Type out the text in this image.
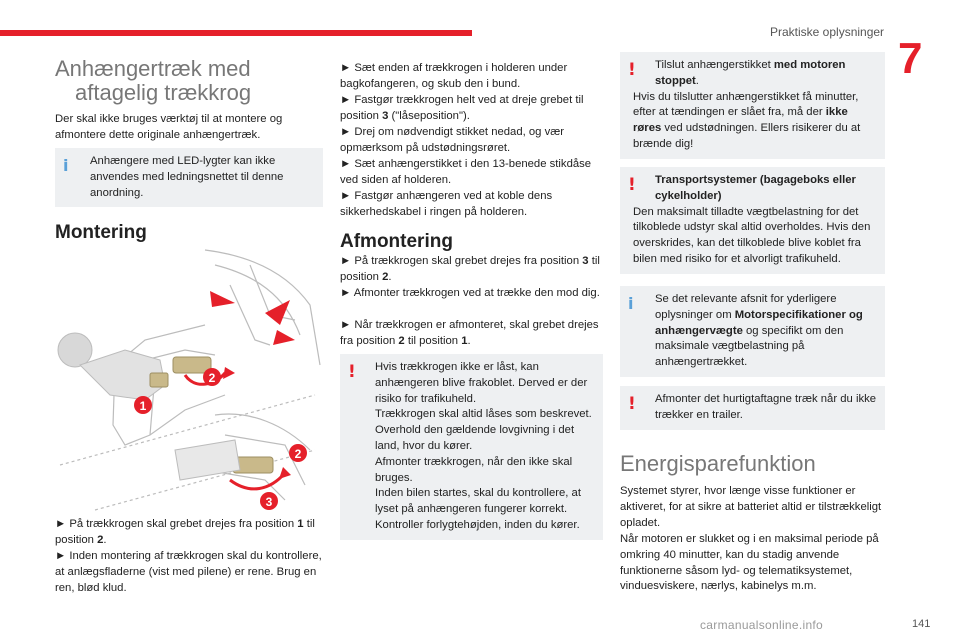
Praktiske oplysninger
7
Anhængertræk med
aftagelig trækkrog

Der skal ikke bruges værktøj til at montere og afmontere dette originale anhængertræk.

i	Anhængere med LED-lygter kan ikke anvendes med ledningsnettet til denne anordning.

Montering
2
1
2
3

► På trækkrogen skal grebet drejes fra position 1 til position 2.

► Inden montering af trækkrogen skal du kontrollere, at anlægsfladerne (vist med pilene) er rene. Brug en ren, blød klud.

► Sæt enden af trækkrogen i holderen under bagkofangeren, og skub den i bund.

► Fastgør trækkrogen helt ved at dreje grebet til position 3 ("låseposition").

► Drej om nødvendigt stikket nedad, og vær opmærksom på udstødningsrøret.

► Sæt anhængerstikket i den 13-benede stikdåse ved siden af holderen.

► Fastgør anhængeren ved at koble dens sikkerhedskabel i ringen på holderen.

Afmontering

► På trækkrogen skal grebet drejes fra position 3 til position 2.

► Afmonter trækkrogen ved at trække den mod dig.

► Når trækkrogen er afmonteret, skal grebet drejes fra position 2 til position 1.

!	Hvis trækkrogen ikke er låst, kan anhængeren blive frakoblet. Derved er der risiko for trafikuheld.
Trækkrogen skal altid låses som beskrevet. Overhold den gældende lovgivning i det land, hvor du kører.
Afmonter trækkrogen, når den ikke skal bruges.
Inden bilen startes, skal du kontrollere, at lyset på anhængeren fungerer korrekt.
Kontroller forlygtehøjden, inden du kører.

!	Tilslut anhængerstikket med motoren stoppet.

Hvis du tilslutter anhængerstikket få minutter, efter at tændingen er slået fra, må der ikke røres ved udstødningen. Ellers risikerer du at brænde dig!

!	Transportsystemer (bagageboks eller cykelholder)

Den maksimalt tilladte vægtbelastning for det tilkoblede udstyr skal altid overholdes. Hvis den overskrides, kan det tilkoblede blive koblet fra bilen med risiko for et alvorligt trafikuheld.

i	Se det relevante afsnit for yderligere oplysninger om Motorspecifikationer og anhængervægte og specifikt om den maksimale vægtbelastning på anhængertrækket.

!	Afmonter det hurtigtaftagne træk når du ikke trækker en trailer.

Energisparefunktion

Systemet styrer, hvor længe visse funktioner er aktiveret, for at sikre at batteriet altid er tilstrækkeligt opladet.

Når motoren er slukket og i en maksimal periode på omkring 40 minutter, kan du stadig anvende funktionerne såsom lyd- og telematiksystemet, vinduesviskere, nærlys, kabinelys m.m.

carmanualsonline.info	141
